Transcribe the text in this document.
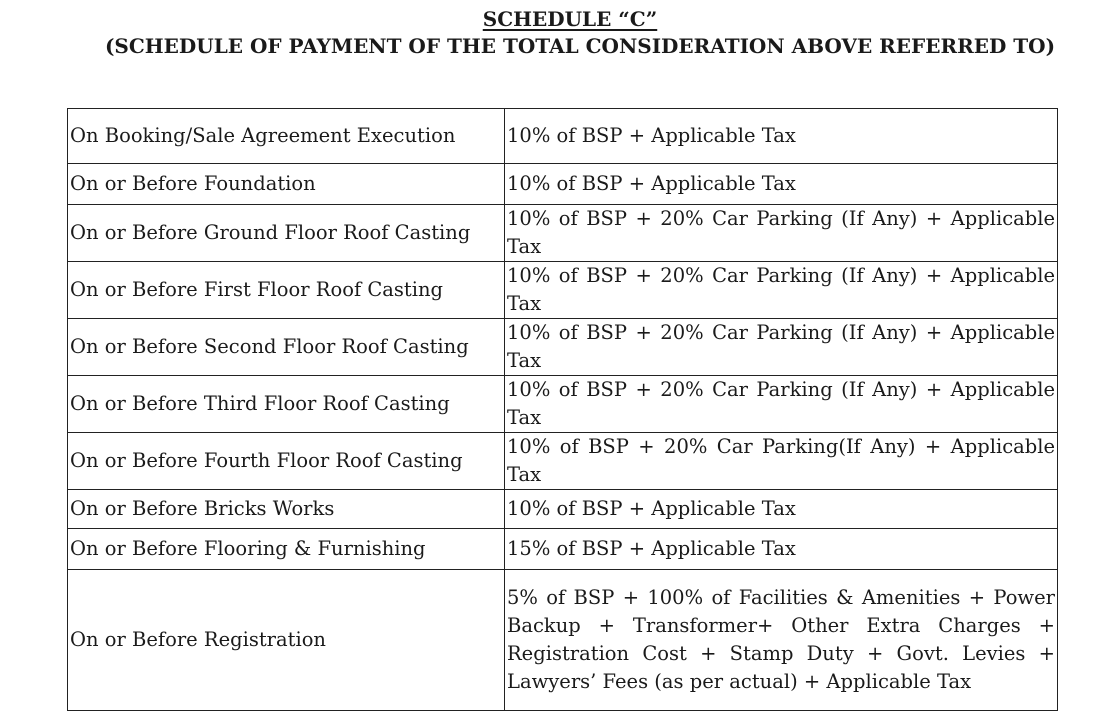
SCHEDULE “C”
(SCHEDULE OF PAYMENT OF THE TOTAL CONSIDERATION ABOVE REFERRED TO)
On Booking/Sale Agreement Execution	10% of BSP + Applicable Tax
On or Before Foundation	10% of BSP + Applicable Tax
On or Before Ground Floor Roof Casting	10% of BSP + 20% Car Parking (If Any) + Applicable Tax
On or Before First Floor Roof Casting	10% of BSP + 20% Car Parking (If Any) + Applicable Tax
On or Before Second Floor Roof Casting	10% of BSP + 20% Car Parking (If Any) + Applicable Tax
On or Before Third Floor Roof Casting	10% of BSP + 20% Car Parking (If Any) + Applicable Tax
On or Before Fourth Floor Roof Casting	10% of BSP + 20% Car Parking(If Any) + Applicable Tax
On or Before Bricks Works	10% of BSP + Applicable Tax
On or Before Flooring & Furnishing	15% of BSP + Applicable Tax
On or Before Registration	5% of BSP + 100% of Facilities & Amenities + Power Backup + Transformer+ Other Extra Charges + Registration Cost + Stamp Duty + Govt. Levies + Lawyers’ Fees (as per actual) + Applicable Tax
